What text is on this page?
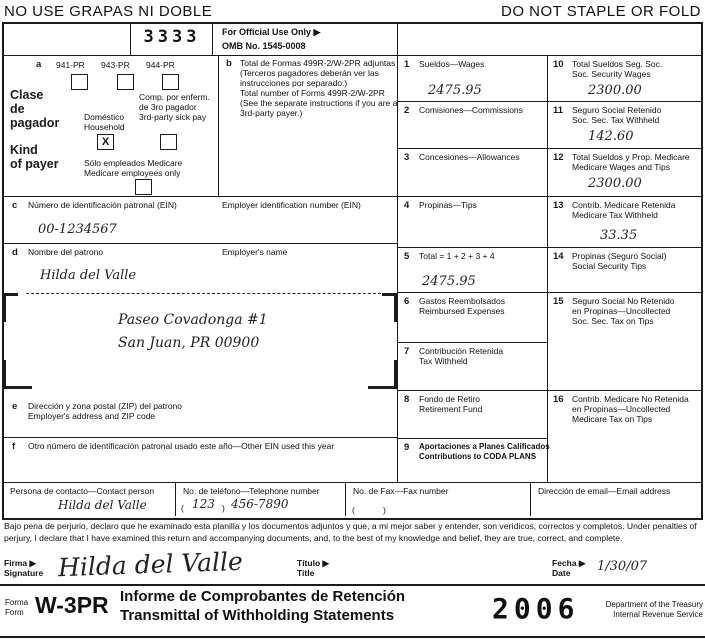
NO USE GRAPAS NI DOBLE	DO NOT STAPLE OR FOLD
3333	For Official Use Only ▶
OMB No. 1545-0008
a 941-PR 943-PR 944-PR
Clase
de
pagador	Doméstico
Household
X
Comp. por enferm.
de 3ro pagador
3rd-party sick pay
Kind
of payer	Sólo empleados Medicare
Medicare employees only
b Total de Formas 499R-2/W-2PR adjuntas
(Terceros pagadores deberán ver las
instrucciones por separado.)
Total number of Forms 499R-2/W-2PR
(See the separate instructions if you are a
3rd-party payer.)
1 Sueldos—Wages
2475.95
2 Comisiones—Commissions
3 Concesiones—Allowances
4 Propinas—Tips
5 Total = 1 + 2 + 3 + 4
2475.95
6 Gastos Reembolsados
Reimbursed Expenses
7 Contribución Retenida
Tax Withheld
8 Fondo de Retiro
Retirement Fund
9 Aportaciones a Planes Calificados
Contributions to CODA PLANS
10 Total Sueldos Seg. Soc.
Soc. Security Wages
2300.00
11 Seguro Social Retenido
Soc. Sec. Tax Withheld
142.60
12 Total Sueldos y Prop. Medicare
Medicare Wages and Tips
2300.00
13 Contrib. Medicare Retenida
Medicare Tax Withheld
33.35
14 Propinas (Seguro Social)
Social Security Tips
15 Seguro Social No Retenido
en Propinas—Uncollected
Soc. Sec. Tax on Tips
16 Contrib. Medicare No Retenida
en Propinas—Uncollected
Medicare Tax on Tips
c Número de identificación patronal (EIN)	Employer identification number (EIN)
00-1234567
d Nombre del patrono	Employer's name
Hilda del Valle
Paseo Covadonga #1
San Juan, PR 00900
e Dirección y zona postal (ZIP) del patrono
Employer's address and ZIP code
f Otro número de identificación patronal usado este año—Other EIN used this year
Persona de contacto—Contact person
Hilda del Valle
No. de teléfono—Telephone number
( 123 ) 456-7890
No. de Fax—Fax number
(	)
Dirección de email—Email address
Bajo pena de perjurio, declaro que he examinado esta planilla y los documentos adjuntos y que, a mi mejor saber y entender, son verídicos, correctos y completos. Under penalties of perjury, I declare that I have examined this return and accompanying documents, and, to the best of my knowledge and belief, they are true, correct, and complete.
Firma ▶
Signature Hilda del Valle	Título ▶
Title
Fecha ▶
Date 1/30/07
Forma
Form W-3PR Informe de Comprobantes de Retención
Transmittal of Withholding Statements	2006	Department of the Treasury
Internal Revenue Service
